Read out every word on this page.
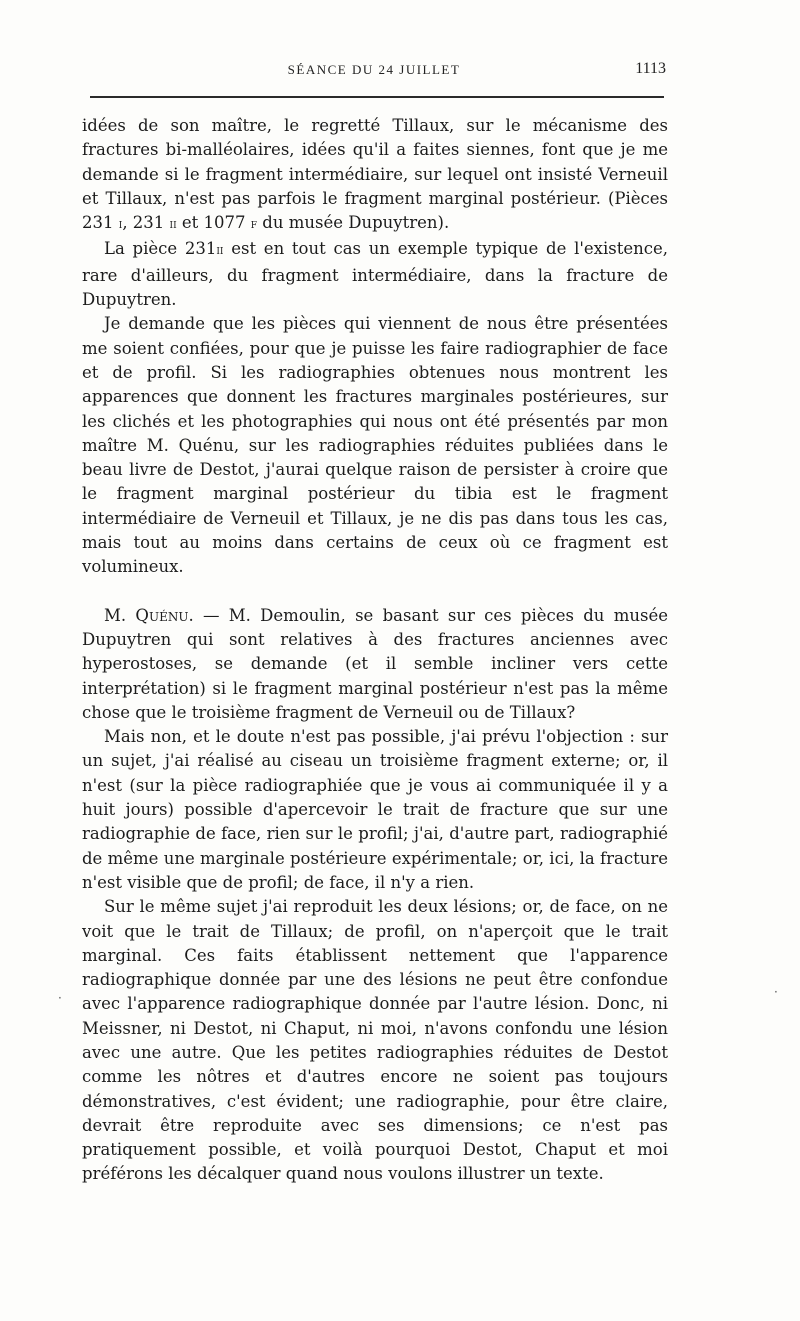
SÉANCE DU 24 JUILLET	1113

idées de son maître, le regretté Tillaux, sur le mécanisme des fractures bi-malléolaires, idées qu'il a faites siennes, font que je me demande si le fragment intermédiaire, sur lequel ont insisté Verneuil et Tillaux, n'est pas parfois le fragment marginal postérieur. (Pièces 231 i, 231 ii et 1077 f du musée Dupuytren).

La pièce 231ii est en tout cas un exemple typique de l'existence, rare d'ailleurs, du fragment intermédiaire, dans la fracture de Dupuytren.

Je demande que les pièces qui viennent de nous être présentées me soient confiées, pour que je puisse les faire radiographier de face et de profil. Si les radiographies obtenues nous montrent les apparences que donnent les fractures marginales postérieures, sur les clichés et les photographies qui nous ont été présentés par mon maître M. Quénu, sur les radiographies réduites publiées dans le beau livre de Destot, j'aurai quelque raison de persister à croire que le fragment marginal postérieur du tibia est le fragment intermédiaire de Verneuil et Tillaux, je ne dis pas dans tous les cas, mais tout au moins dans certains de ceux où ce fragment est volumineux.

M. Quénu. — M. Demoulin, se basant sur ces pièces du musée Dupuytren qui sont relatives à des fractures anciennes avec hyperostoses, se demande (et il semble incliner vers cette interprétation) si le fragment marginal postérieur n'est pas la même chose que le troisième fragment de Verneuil ou de Tillaux?

Mais non, et le doute n'est pas possible, j'ai prévu l'objection : sur un sujet, j'ai réalisé au ciseau un troisième fragment externe; or, il n'est (sur la pièce radiographiée que je vous ai communiquée il y a huit jours) possible d'apercevoir le trait de fracture que sur une radiographie de face, rien sur le profil; j'ai, d'autre part, radiographié de même une marginale postérieure expérimentale; or, ici, la fracture n'est visible que de profil; de face, il n'y a rien.

Sur le même sujet j'ai reproduit les deux lésions; or, de face, on ne voit que le trait de Tillaux; de profil, on n'aperçoit que le trait marginal. Ces faits établissent nettement que l'apparence radiographique donnée par une des lésions ne peut être confondue avec l'apparence radiographique donnée par l'autre lésion. Donc, ni Meissner, ni Destot, ni Chaput, ni moi, n'avons confondu une lésion avec une autre. Que les petites radiographies réduites de Destot comme les nôtres et d'autres encore ne soient pas toujours démonstratives, c'est évident; une radiographie, pour être claire, devrait être reproduite avec ses dimensions; ce n'est pas pratiquement possible, et voilà pourquoi Destot, Chaput et moi préférons les décalquer quand nous voulons illustrer un texte.

·	·
